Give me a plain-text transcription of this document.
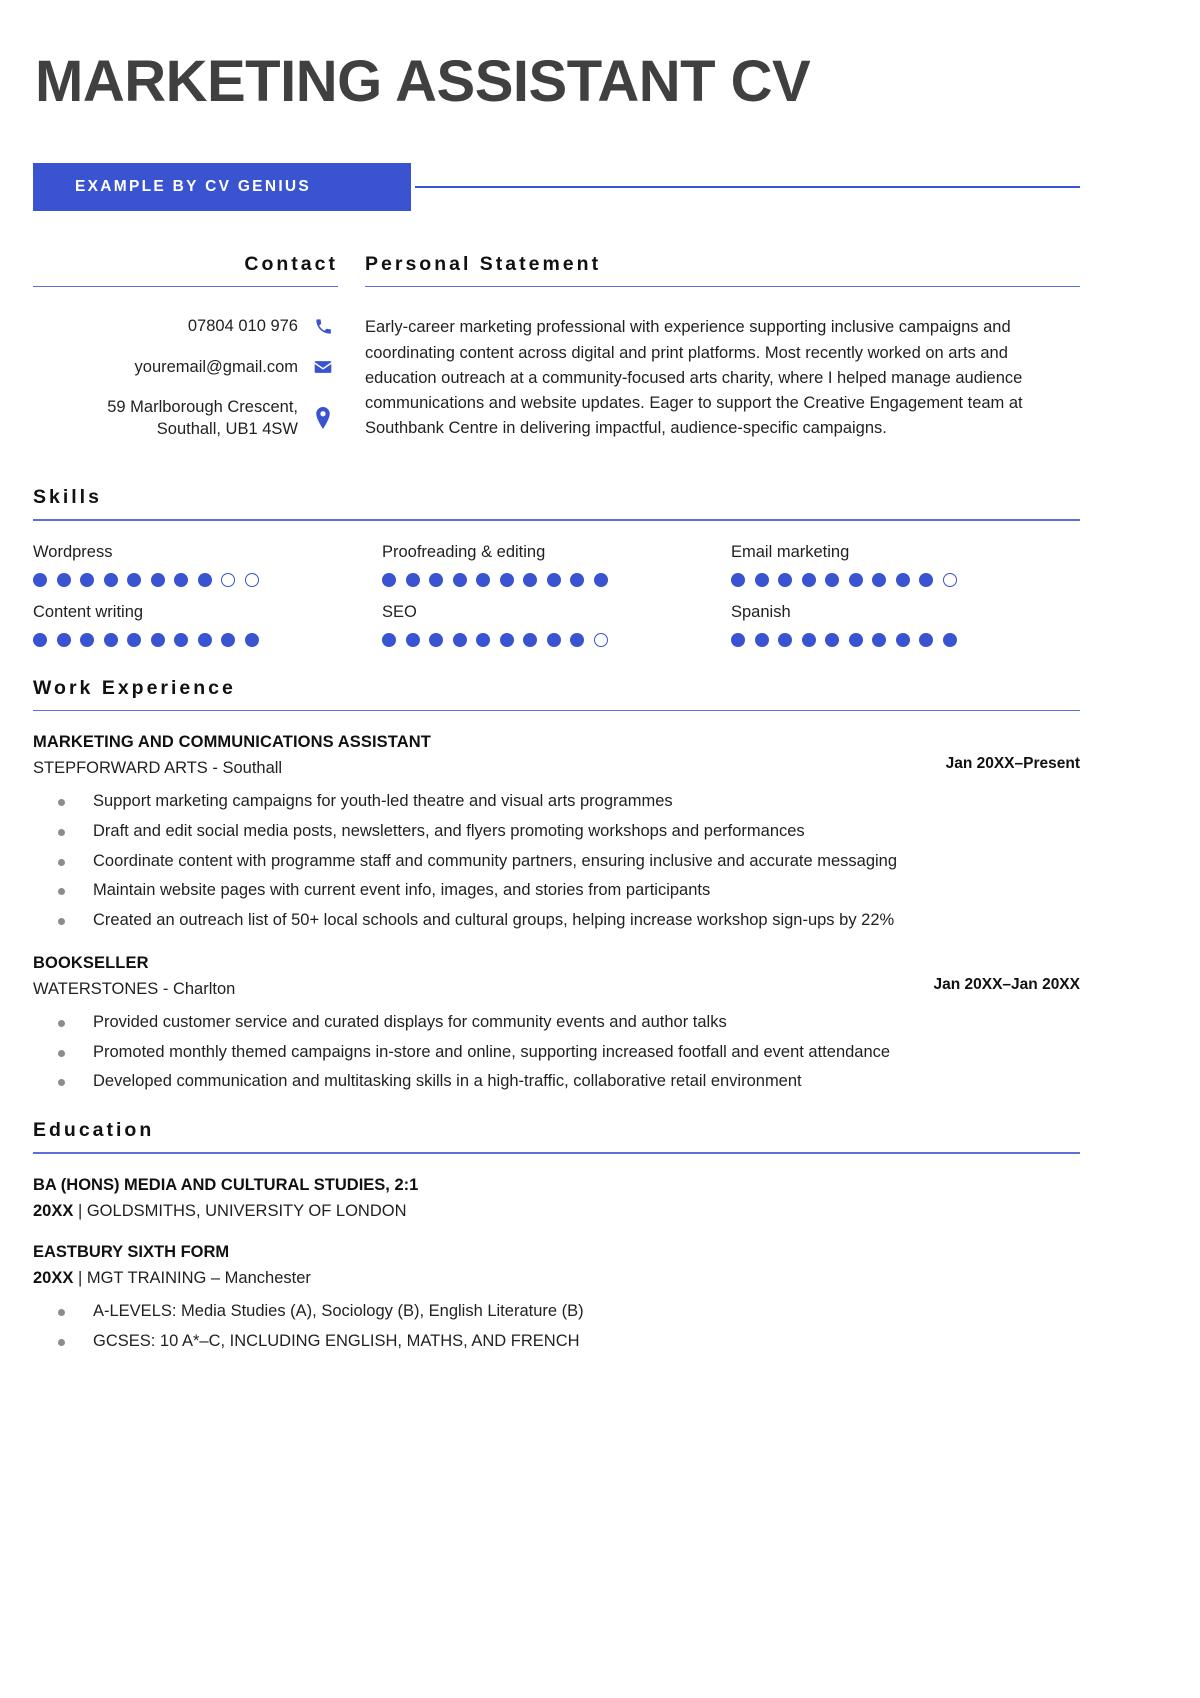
MARKETING ASSISTANT CV
EXAMPLE BY CV GENIUS
Contact
07804 010 976
youremail@gmail.com
59 Marlborough Crescent,
Southall, UB1 4SW
Personal Statement
Early-career marketing professional with experience supporting inclusive campaigns and coordinating content across digital and print platforms. Most recently worked on arts and education outreach at a community-focused arts charity, where I helped manage audience communications and website updates. Eager to support the Creative Engagement team at Southbank Centre in delivering impactful, audience-specific campaigns.
Skills
Wordpress	Proofreading & editing	Email marketing
Content writing	SEO	Spanish
Work Experience
MARKETING AND COMMUNICATIONS ASSISTANT
STEPFORWARD ARTS - Southall	Jan 20XX–Present
Support marketing campaigns for youth-led theatre and visual arts programmes
Draft and edit social media posts, newsletters, and flyers promoting workshops and performances
Coordinate content with programme staff and community partners, ensuring inclusive and accurate messaging
Maintain website pages with current event info, images, and stories from participants
Created an outreach list of 50+ local schools and cultural groups, helping increase workshop sign-ups by 22%
BOOKSELLER
WATERSTONES - Charlton	Jan 20XX–Jan 20XX
Provided customer service and curated displays for community events and author talks
Promoted monthly themed campaigns in-store and online, supporting increased footfall and event attendance
Developed communication and multitasking skills in a high-traffic, collaborative retail environment
Education
BA (HONS) MEDIA AND CULTURAL STUDIES, 2:1
20XX | GOLDSMITHS, UNIVERSITY OF LONDON
EASTBURY SIXTH FORM
20XX | MGT TRAINING – Manchester
A-LEVELS: Media Studies (A), Sociology (B), English Literature (B)
GCSES: 10 A*–C, INCLUDING ENGLISH, MATHS, AND FRENCH
